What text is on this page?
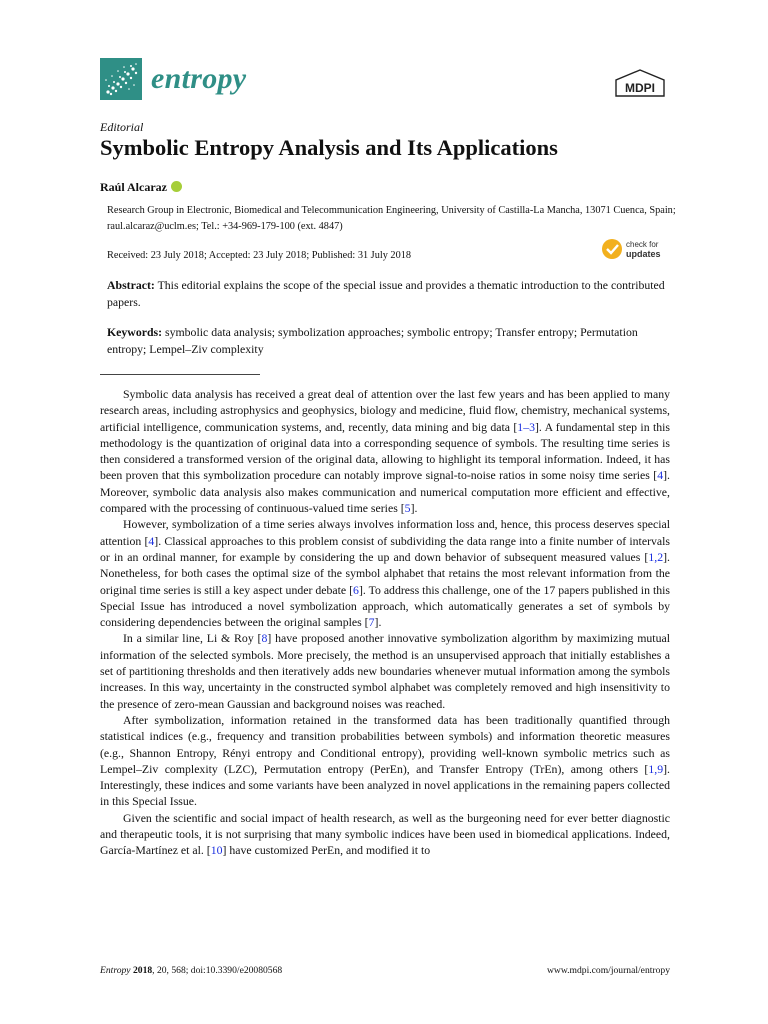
entropy	MDPI
Editorial
Symbolic Entropy Analysis and Its Applications
Raúl Alcaraz
Research Group in Electronic, Biomedical and Telecommunication Engineering, University of Castilla-La Mancha, 13071 Cuenca, Spain; raul.alcaraz@uclm.es; Tel.: +34-969-179-100 (ext. 4847)
Received: 23 July 2018; Accepted: 23 July 2018; Published: 31 July 2018
check for
updates
Abstract: This editorial explains the scope of the special issue and provides a thematic introduction to the contributed papers.
Keywords: symbolic data analysis; symbolization approaches; symbolic entropy; Transfer entropy; Permutation entropy; Lempel–Ziv complexity

Symbolic data analysis has received a great deal of attention over the last few years and has been applied to many research areas, including astrophysics and geophysics, biology and medicine, fluid flow, chemistry, mechanical systems, artificial intelligence, communication systems, and, recently, data mining and big data [1–3]. A fundamental step in this methodology is the quantization of original data into a corresponding sequence of symbols. The resulting time series is then considered a transformed version of the original data, allowing to highlight its temporal information. Indeed, it has been proven that this symbolization procedure can notably improve signal-to-noise ratios in some noisy time series [4]. Moreover, symbolic data analysis also makes communication and numerical computation more efficient and effective, compared with the processing of continuous-valued time series [5].

However, symbolization of a time series always involves information loss and, hence, this process deserves special attention [4]. Classical approaches to this problem consist of subdividing the data range into a finite number of intervals or in an ordinal manner, for example by considering the up and down behavior of subsequent measured values [1,2]. Nonetheless, for both cases the optimal size of the symbol alphabet that retains the most relevant information from the original time series is still a key aspect under debate [6]. To address this challenge, one of the 17 papers published in this Special Issue has introduced a novel symbolization approach, which automatically generates a set of symbols by considering dependencies between the original samples [7].

In a similar line, Li & Roy [8] have proposed another innovative symbolization algorithm by maximizing mutual information of the selected symbols. More precisely, the method is an unsupervised approach that initially establishes a set of partitioning thresholds and then iteratively adds new boundaries whenever mutual information among the symbols increases. In this way, uncertainty in the constructed symbol alphabet was completely removed and high insensitivity to the presence of zero-mean Gaussian and background noises was reached.

After symbolization, information retained in the transformed data has been traditionally quantified through statistical indices (e.g., frequency and transition probabilities between symbols) and information theoretic measures (e.g., Shannon Entropy, Rényi entropy and Conditional entropy), providing well-known symbolic metrics such as Lempel–Ziv complexity (LZC), Permutation entropy (PerEn), and Transfer Entropy (TrEn), among others [1,9]. Interestingly, these indices and some variants have been analyzed in novel applications in the remaining papers collected in this Special Issue.

Given the scientific and social impact of health research, as well as the burgeoning need for ever better diagnostic and therapeutic tools, it is not surprising that many symbolic indices have been used in biomedical applications. Indeed, García-Martínez et al. [10] have customized PerEn, and modified it to

Entropy 2018, 20, 568; doi:10.3390/e20080568	www.mdpi.com/journal/entropy
